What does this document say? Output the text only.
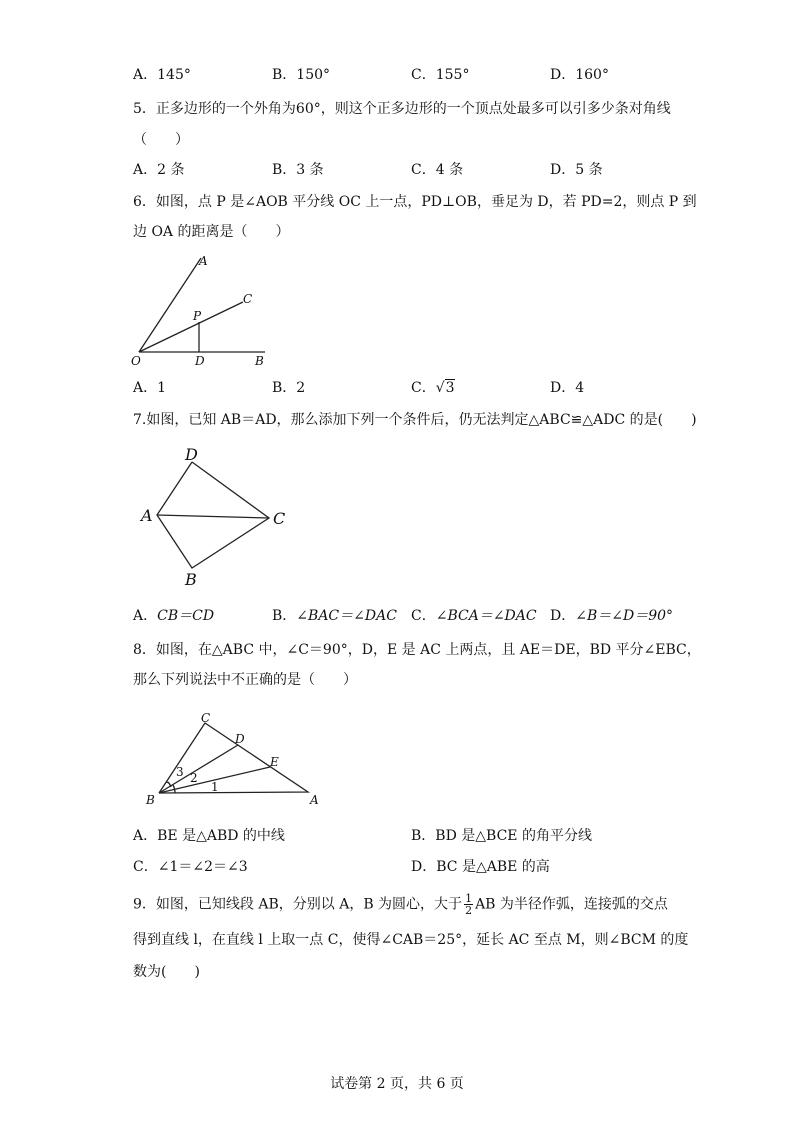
A．145°	B．150°	C．155°	D．160°
5．正多边形的一个外角为60°，则这个正多边形的一个顶点处最多可以引多少条对角线
（　　）
A．2 条	B．3 条	C．4 条	D．5 条
6．如图，点 P 是∠AOB 平分线 OC 上一点，PD⊥OB，垂足为 D，若 PD=2，则点 P 到
边 OA 的距离是（　　）
A
C
P
O	D	B
A．1	B．2	C．√3	D．4
7.如图，已知 AB＝AD，那么添加下列一个条件后，仍无法判定△ABC≌△ADC 的是(　　)
D
A	C
B
A．CB＝CD	B．∠BAC＝∠DAC C．∠BCA＝∠DAC D．∠B＝∠D＝90°
8．如图，在△ABC 中，∠C＝90°，D，E 是 AC 上两点，且 AE＝DE，BD 平分∠EBC，
那么下列说法中不正确的是（　　）
C
D
E
B	A
3 2
1
A．BE 是△ABD 的中线	B．BD 是△BCE 的角平分线
C．∠1＝∠2＝∠3	D．BC 是△ABE 的高
9．如图，已知线段 AB，分别以 A，B 为圆心，大于 $\frac{1}{2}$ AB 为半径作弧，连接弧的交点
得到直线 l，在直线 l 上取一点 C，使得∠CAB＝25°，延长 AC 至点 M，则∠BCM 的度
数为(　　)
试卷第 2 页，共 6 页
